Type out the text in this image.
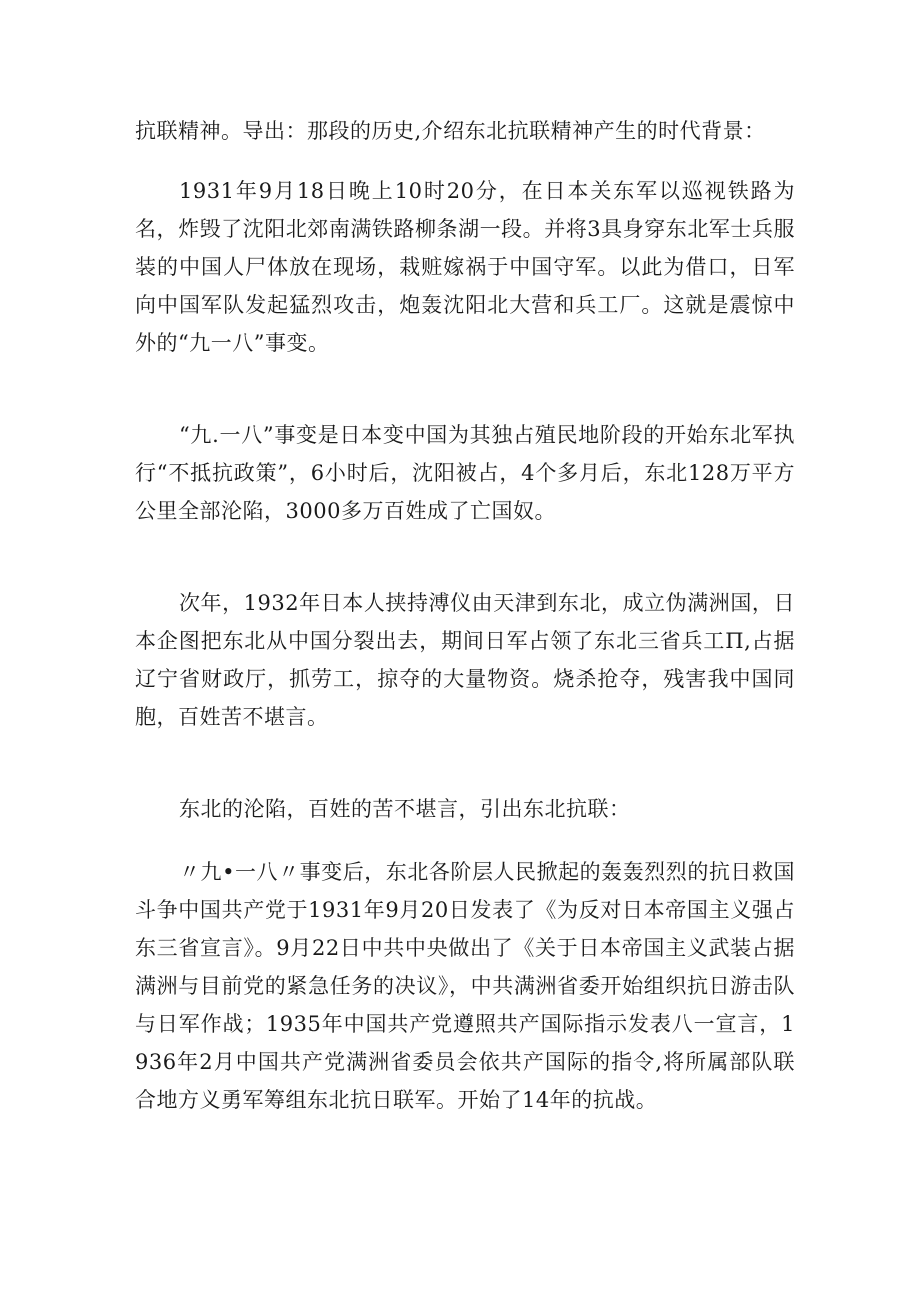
抗联精神。导出：那段的历史,介绍东北抗联精神产生的时代背景：

1931年9月18日晚上10时20分，在日本关东军以巡视铁路为名，炸毁了沈阳北郊南满铁路柳条湖一段。并将3具身穿东北军士兵服装的中国人尸体放在现场，栽赃嫁祸于中国守军。以此为借口，日军向中国军队发起猛烈攻击，炮轰沈阳北大营和兵工厂。这就是震惊中外的“九一八”事变。

“九.一八”事变是日本变中国为其独占殖民地阶段的开始东北军执行“不抵抗政策”，6小时后，沈阳被占，4个多月后，东北128万平方公里全部沦陷，3000多万百姓成了亡国奴。

次年，1932年日本人挟持溥仪由天津到东北，成立伪满洲国，日本企图把东北从中国分裂出去，期间日军占领了东北三省兵工Π,占据辽宁省财政厅，抓劳工，掠夺的大量物资。烧杀抢夺，残害我中国同胞，百姓苦不堪言。

东北的沦陷，百姓的苦不堪言，引出东北抗联：

〃九•一八〃事变后，东北各阶层人民掀起的轰轰烈烈的抗日救国斗争中国共产党于1931年9月20日发表了《为反对日本帝国主义强占东三省宣言》。9月22日中共中央做出了《关于日本帝国主义武装占据满洲与目前党的紧急任务的决议》，中共满洲省委开始组织抗日游击队与日军作战；1935年中国共产党遵照共产国际指示发表八一宣言，1936年2月中国共产党满洲省委员会依共产国际的指令,将所属部队联合地方义勇军筹组东北抗日联军。开始了14年的抗战。
